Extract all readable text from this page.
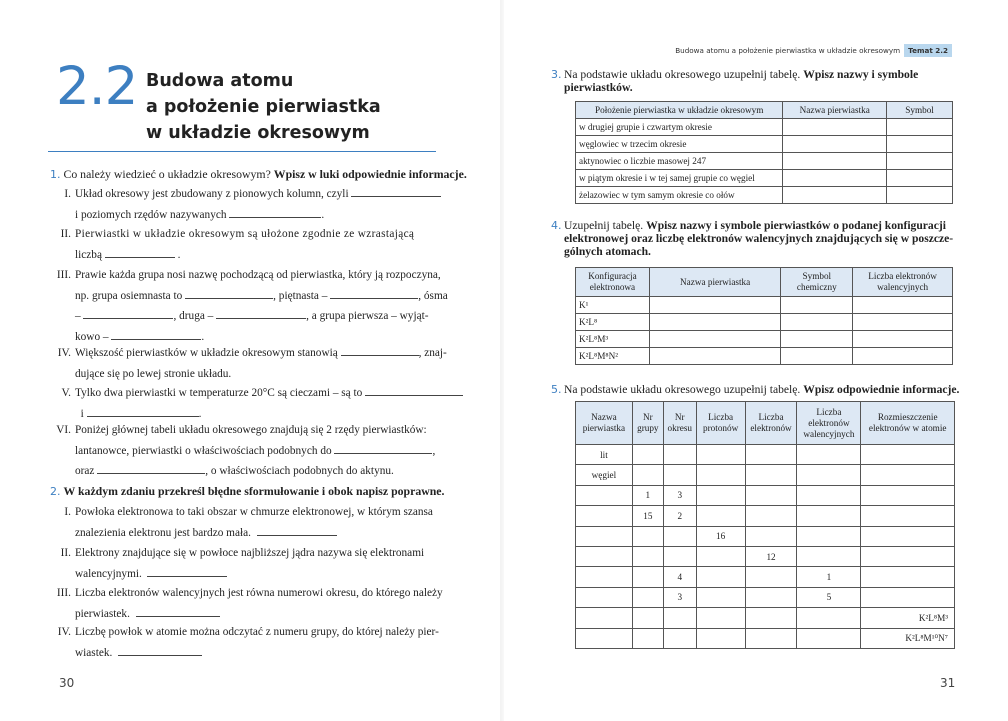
2.2 Budowa atomu
a położenie pierwiastka
w układzie okresowym
1. Co należy wiedzieć o układzie okresowym? Wpisz w luki odpowiednie informacje.
I. Układ okresowy jest zbudowany z pionowych kolumn, czyli
i poziomych rzędów nazywanych	.
II. Pierwiastki w układzie okresowym są ułożone zgodnie ze wzrastającą
liczbą	.
III. Prawie każda grupa nosi nazwę pochodzącą od pierwiastka, który ją rozpoczyna,
np. grupa osiemnasta to	, piętnasta –	, ósma
–	, druga –	, a grupa pierwsza – wyjąt-
kowo –	.
IV. Większość pierwiastków w układzie okresowym stanowią	, znaj-
dujące się po lewej stronie układu.
V. Tylko dwa pierwiastki w temperaturze 20°C są cieczami – są to
i	.
VI. Poniżej głównej tabeli układu okresowego znajdują się 2 rzędy pierwiastków:
lantanowce, pierwiastki o właściwościach podobnych do	,
oraz	, o właściwościach podobnych do aktynu.
2. W każdym zdaniu przekreśl błędne sformułowanie i obok napisz poprawne.
I. Powłoka elektronowa to taki obszar w chmurze elektronowej, w którym szansa
znalezienia elektronu jest bardzo mała.
II. Elektrony znajdujące się w powłoce najbliższej jądra nazywa się elektronami
walencyjnymi.
III. Liczba elektronów walencyjnych jest równa numerowi okresu, do którego należy
pierwiastek.
IV. Liczbę powłok w atomie można odczytać z numeru grupy, do której należy pier-
wiastek.
30
Budowa atomu a położenie pierwiastka w układzie okresowym Temat 2.2
3. Na podstawie układu okresowego uzupełnij tabelę. Wpisz nazwy i symbole
pierwiastków.
Położenie pierwiastka w układzie okresowym	Nazwa pierwiastka	Symbol
w drugiej grupie i czwartym okresie		
węglowiec w trzecim okresie		
aktynowiec o liczbie masowej 247		
w piątym okresie i w tej samej grupie co węgiel		
żelazowiec w tym samym okresie co ołów		
4. Uzupełnij tabelę. Wpisz nazwy i symbole pierwiastków o podanej konfiguracji
elektronowej oraz liczbę elektronów walencyjnych znajdujących się w poszcze-
gólnych atomach.
Konfiguracja elektronowa	Nazwa pierwiastka	Symbol chemiczny	Liczba elektronów walencyjnych
K¹			
K²L⁸			
K²L⁸M³			
K²L⁸M⁸N²			
5. Na podstawie układu okresowego uzupełnij tabelę. Wpisz odpowiednie informacje.
Nazwa pierwiastka	Nr grupy	Nr okresu	Liczba protonów	Liczba elektronów	Liczba elektronów walencyjnych	Rozmieszczenie elektronów w atomie
lit						
węgiel						
	1	3				
	15	2				
			16			
				12		
		4			1	
		3			5	
						K²L⁸M³
						K²L⁸M¹⁰N⁷
31
